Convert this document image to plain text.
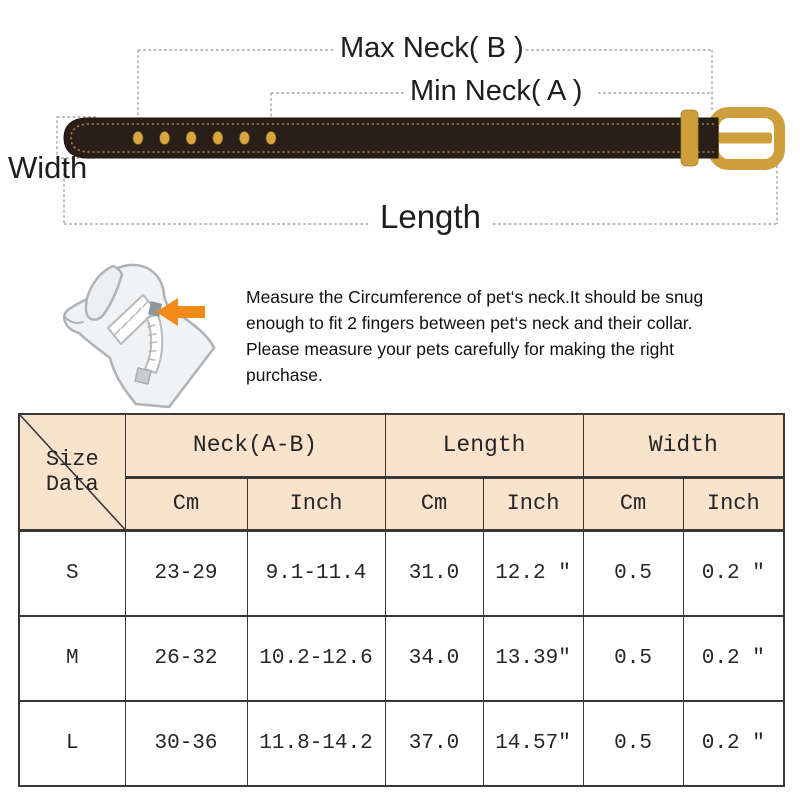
Max Neck( B )
Min Neck( A )
Width
Length
Measure the Circumference of pet‘s neck.It should be snug
enough to fit 2 fingers between pet‘s neck and their collar.
Please measure your pets carefully for making the right
purchase.
Size Data	Neck(A-B)		Length		Width	
	Cm	Inch	Cm	Inch	Cm	Inch
S	23-29	9.1-11.4	31.0	12.2 ″	0.5	0.2 ″
M	26-32	10.2-12.6	34.0	13.39″	0.5	0.2 ″
L	30-36	11.8-14.2	37.0	14.57″	0.5	0.2 ″
